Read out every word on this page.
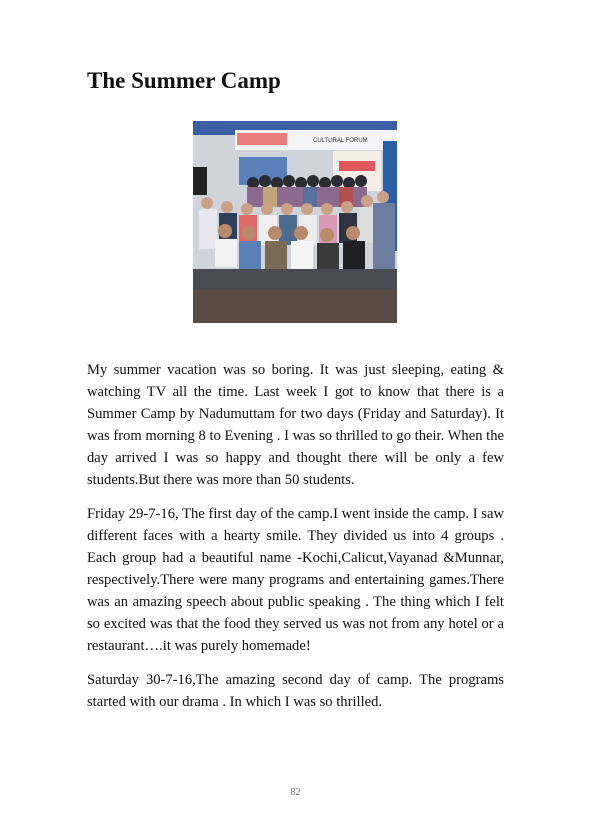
The Summer Camp
CULTURAL FORUM

My summer vacation was so boring. It was just sleeping, eating & watching TV all the time. Last week I got to know that there is a Summer Camp by Nadumuttam for two days (Friday and Saturday). It was from morning 8 to Evening . I was so thrilled to go their. When the day arrived I was so happy and thought there will be only a few students.But there was more than 50 students.

Friday 29-7-16, The first day of the camp.I went inside the camp. I saw different faces with a hearty smile. They divided us into 4 groups . Each group had a beautiful name -Kochi,Calicut,Vayanad &Munnar, respectively.There were many programs and entertaining games.There was an amazing speech about public speaking . The thing which I felt so excited was that the food they served us was not from any hotel or a restaurant….it was purely homemade!

Saturday 30-7-16,The amazing second day of camp. The programs started with our drama . In which I was so thrilled.

82
